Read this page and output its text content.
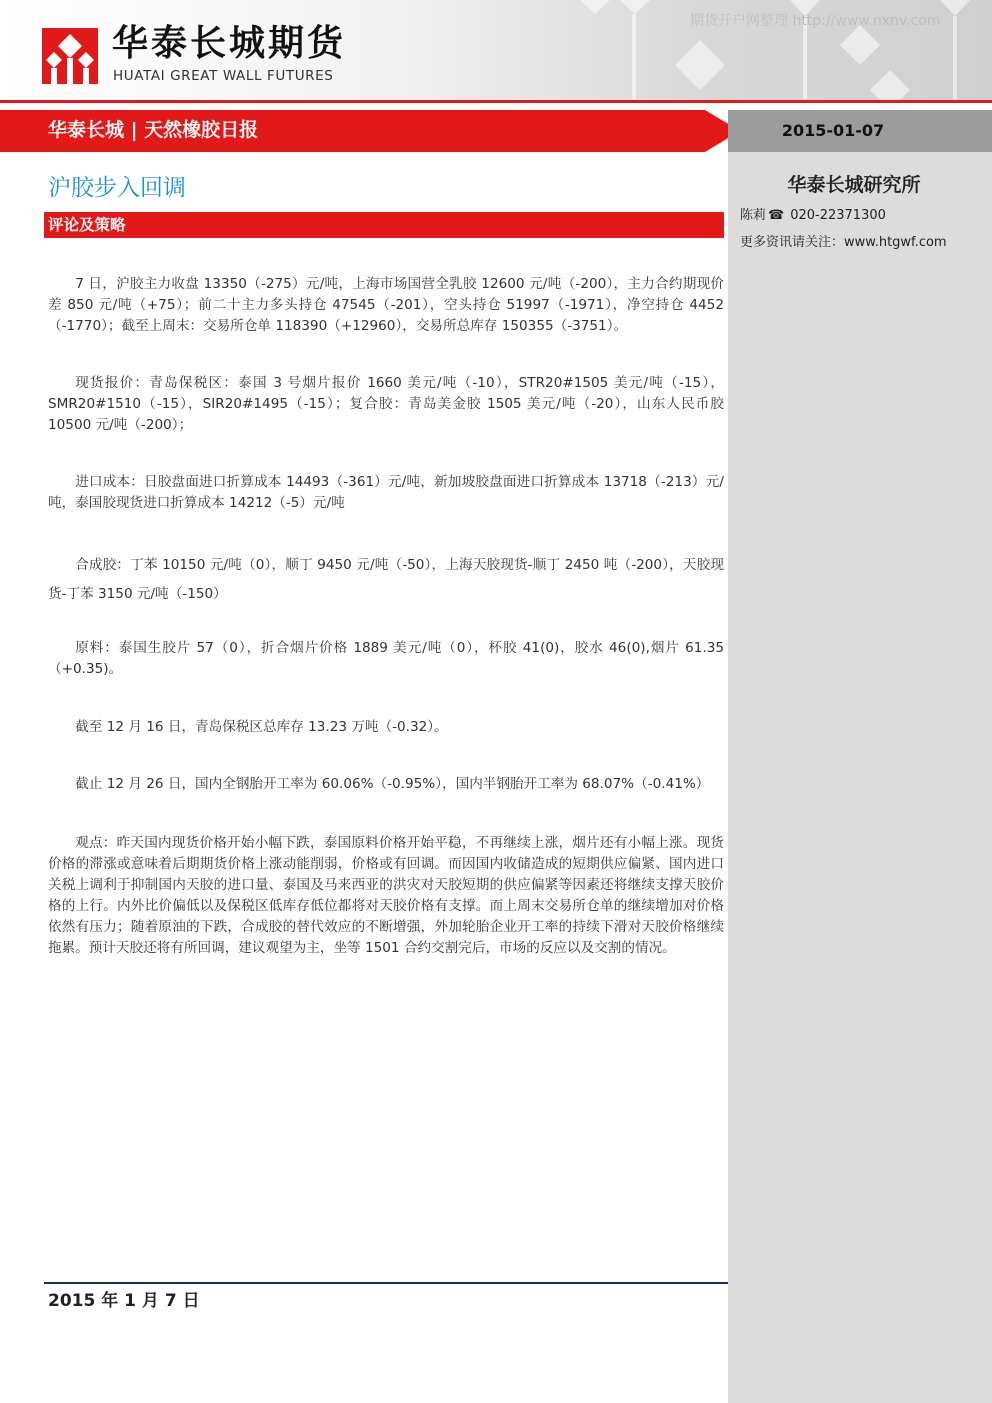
华泰长城期货
HUATAI GREAT WALL FUTURES
期货开户网整理 http://www.nxnv.com
华泰长城 | 天然橡胶日报	2015-01-07
华泰长城研究所
陈莉 ☎ 020-22371300
更多资讯请关注：www.htgwf.com
沪胶步入回调
评论及策略

7 日，沪胶主力收盘 13350（-275）元/吨，上海市场国营全乳胶 12600 元/吨（-200），主力合约期现价差 850 元/吨（+75）；前二十主力多头持仓 47545（-201），空头持仓 51997（-1971），净空持仓 4452（-1770）；截至上周末：交易所仓单 118390（+12960），交易所总库存 150355（-3751）。

现货报价：青岛保税区：泰国 3 号烟片报价 1660 美元/吨（-10），STR20#1505 美元/吨（-15），SMR20#1510（-15），SIR20#1495（-15）；复合胶：青岛美金胶 1505 美元/吨（-20），山东人民币胶 10500 元/吨（-200）；

进口成本：日胶盘面进口折算成本 14493（-361）元/吨，新加坡胶盘面进口折算成本 13718（-213）元/吨，泰国胶现货进口折算成本 14212（-5）元/吨

合成胶：丁苯 10150 元/吨（0），顺丁 9450 元/吨（-50），上海天胶现货-顺丁 2450 吨（-200），天胶现货-丁苯 3150 元/吨（-150）

原料：泰国生胶片 57（0），折合烟片价格 1889 美元/吨（0），杯胶 41(0)，胶水 46(0),烟片 61.35（+0.35)。

截至 12 月 16 日，青岛保税区总库存 13.23 万吨（-0.32）。

截止 12 月 26 日，国内全钢胎开工率为 60.06%（-0.95%），国内半钢胎开工率为 68.07%（-0.41%）

观点：昨天国内现货价格开始小幅下跌，泰国原料价格开始平稳，不再继续上涨，烟片还有小幅上涨。现货价格的滞涨或意味着后期期货价格上涨动能削弱，价格或有回调。而因国内收储造成的短期供应偏紧、国内进口关税上调利于抑制国内天胶的进口量、泰国及马来西亚的洪灾对天胶短期的供应偏紧等因素还将继续支撑天胶价格的上行。内外比价偏低以及保税区低库存低位都将对天胶价格有支撑。而上周末交易所仓单的继续增加对价格依然有压力；随着原油的下跌，合成胶的替代效应的不断增强，外加轮胎企业开工率的持续下滑对天胶价格继续拖累。预计天胶还将有所回调，建议观望为主，坐等 1501 合约交割完后，市场的反应以及交割的情况。

2015 年 1 月 7 日
